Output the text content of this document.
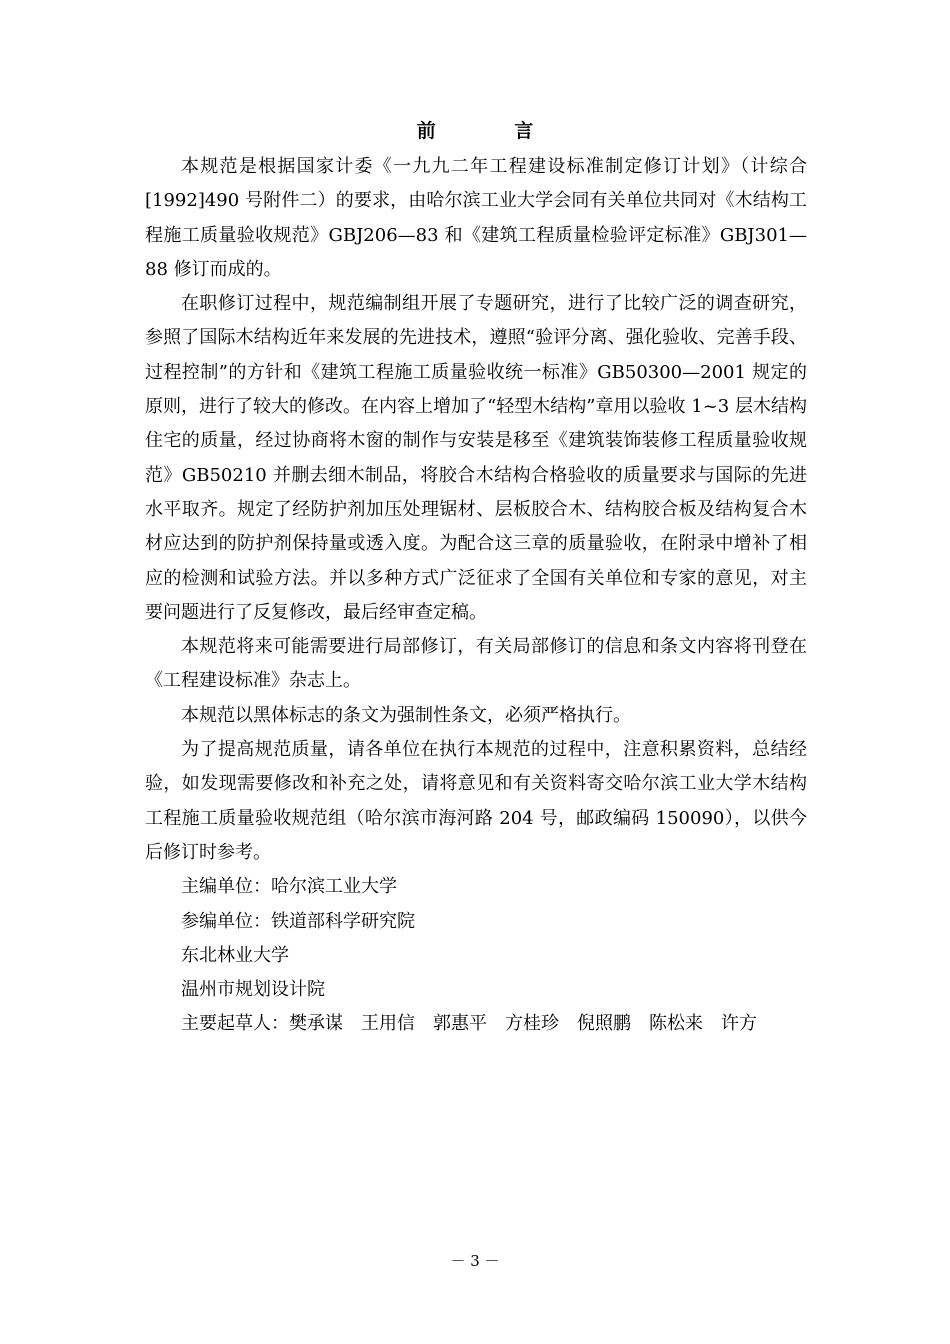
前 言

本规范是根据国家计委《一九九二年工程建设标准制定修订计划》（计综合[1992]490 号附件二）的要求，由哈尔滨工业大学会同有关单位共同对《木结构工程施工质量验收规范》GBJ206—83 和《建筑工程质量检验评定标准》GBJ301—88 修订而成的。

在职修订过程中，规范编制组开展了专题研究，进行了比较广泛的调查研究，参照了国际木结构近年来发展的先进技术，遵照“验评分离、强化验收、完善手段、过程控制”的方针和《建筑工程施工质量验收统一标准》GB50300—2001 规定的原则，进行了较大的修改。在内容上增加了“轻型木结构”章用以验收 1~3 层木结构住宅的质量，经过协商将木窗的制作与安装是移至《建筑装饰装修工程质量验收规范》GB50210 并删去细木制品，将胶合木结构合格验收的质量要求与国际的先进水平取齐。规定了经防护剂加压处理锯材、层板胶合木、结构胶合板及结构复合木材应达到的防护剂保持量或透入度。为配合这三章的质量验收，在附录中增补了相应的检测和试验方法。并以多种方式广泛征求了全国有关单位和专家的意见，对主要问题进行了反复修改，最后经审查定稿。

本规范将来可能需要进行局部修订，有关局部修订的信息和条文内容将刊登在《工程建设标准》杂志上。

本规范以黑体标志的条文为强制性条文，必须严格执行。

为了提高规范质量，请各单位在执行本规范的过程中，注意积累资料，总结经验，如发现需要修改和补充之处，请将意见和有关资料寄交哈尔滨工业大学木结构工程施工质量验收规范组（哈尔滨市海河路 204 号，邮政编码 150090），以供今后修订时参考。

主编单位：哈尔滨工业大学

参编单位：铁道部科学研究院

东北林业大学

温州市规划设计院

主要起草人：樊承谋　王用信　郭惠平　方桂珍　倪照鹏　陈松来　许方

－ 3 －
